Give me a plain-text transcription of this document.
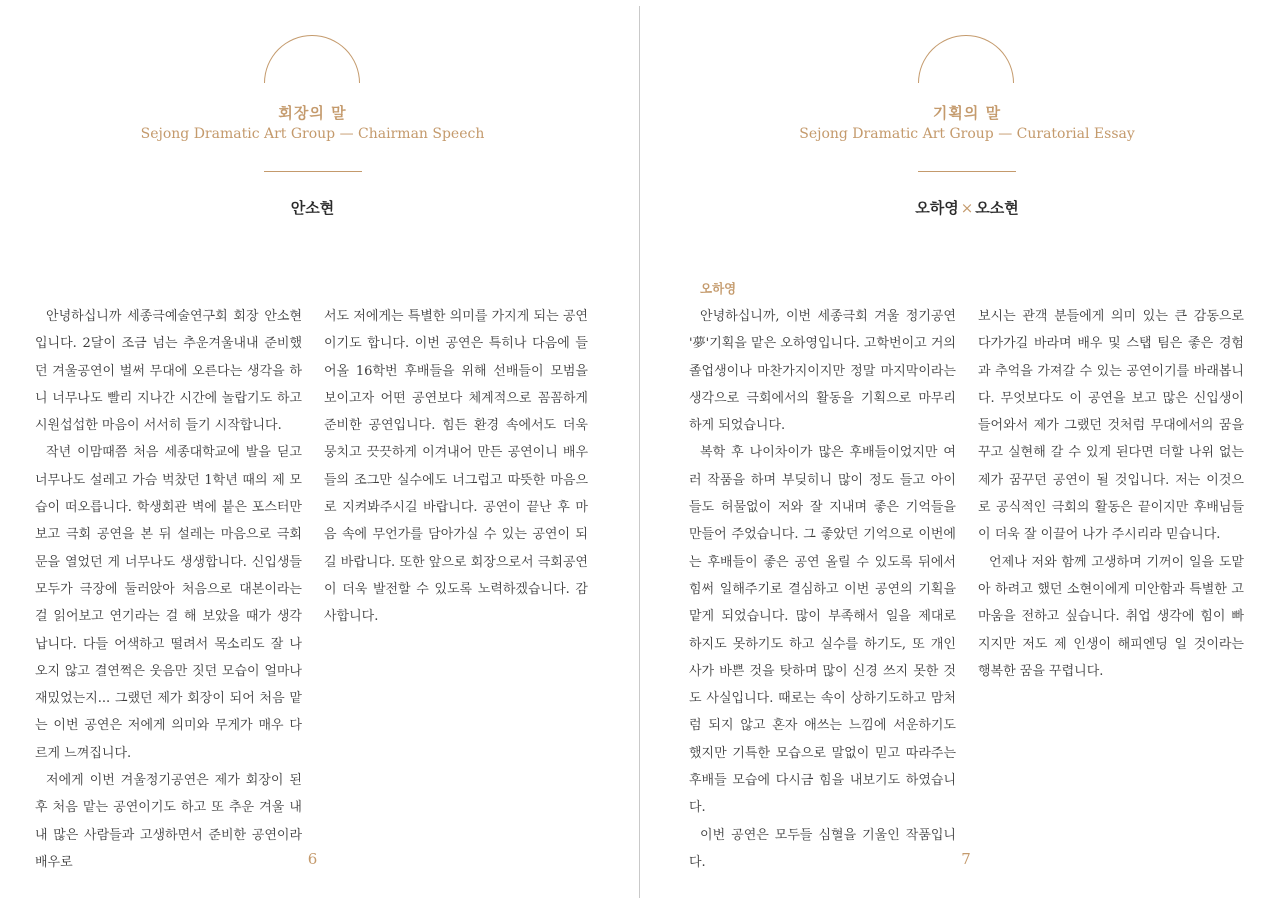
회장의 말
Sejong Dramatic Art Group — Chairman Speech
안소현

안녕하십니까 세종극예술연구회 회장 안소현입니다. 2달이 조금 넘는 추운겨울내내 준비했던 겨울공연이 벌써 무대에 오른다는 생각을 하니 너무나도 빨리 지나간 시간에 놀랍기도 하고 시원섭섭한 마음이 서서히 들기 시작합니다.

작년 이맘때쯤 처음 세종대학교에 발을 딛고 너무나도 설레고 가슴 벅찼던 1학년 때의 제 모습이 떠오릅니다. 학생회관 벽에 붙은 포스터만 보고 극회 공연을 본 뒤 설레는 마음으로 극회문을 열었던 게 너무나도 생생합니다. 신입생들 모두가 극장에 둘러앉아 처음으로 대본이라는 걸 읽어보고 연기라는 걸 해 보았을 때가 생각납니다. 다들 어색하고 떨려서 목소리도 잘 나오지 않고 결연쩍은 웃음만 짓던 모습이 얼마나 재밌었는지... 그랬던 제가 회장이 되어 처음 맡는 이번 공연은 저에게 의미와 무게가 매우 다르게 느껴집니다.

저에게 이번 겨울정기공연은 제가 회장이 된 후 처음 맡는 공연이기도 하고 또 추운 겨울 내내 많은 사람들과 고생하면서 준비한 공연이라 배우로

서도 저에게는 특별한 의미를 가지게 되는 공연이기도 합니다. 이번 공연은 특히나 다음에 들어올 16학번 후배들을 위해 선배들이 모범을 보이고자 어떤 공연보다 체계적으로 꼼꼼하게 준비한 공연입니다. 힘든 환경 속에서도 더욱 뭉치고 끗끗하게 이겨내어 만든 공연이니 배우들의 조그만 실수에도 너그럽고 따뜻한 마음으로 지켜봐주시길 바랍니다. 공연이 끝난 후 마음 속에 무언가를 담아가실 수 있는 공연이 되길 바랍니다. 또한 앞으로 회장으로서 극회공연이 더욱 발전할 수 있도록 노력하겠습니다. 감사합니다.

6
기획의 말
Sejong Dramatic Art Group — Curatorial Essay
오하영 × 오소현
오하영

안녕하십니까, 이번 세종극회 겨울 정기공연 '夢'기획을 맡은 오하영입니다. 고학번이고 거의 졸업생이나 마찬가지이지만 정말 마지막이라는 생각으로 극회에서의 활동을 기획으로 마무리 하게 되었습니다.

복학 후 나이차이가 많은 후배들이었지만 여러 작품을 하며 부딪히니 많이 정도 들고 아이들도 허물없이 저와 잘 지내며 좋은 기억들을 만들어 주었습니다. 그 좋았던 기억으로 이번에는 후배들이 좋은 공연 올릴 수 있도록 뒤에서 힘써 일해주기로 결심하고 이번 공연의 기획을 맡게 되었습니다. 많이 부족해서 일을 제대로 하지도 못하기도 하고 실수를 하기도, 또 개인사가 바쁜 것을 탓하며 많이 신경 쓰지 못한 것도 사실입니다. 때로는 속이 상하기도하고 맘처럼 되지 않고 혼자 애쓰는 느낌에 서운하기도 했지만 기특한 모습으로 말없이 믿고 따라주는 후배들 모습에 다시금 힘을 내보기도 하였습니다.

이번 공연은 모두들 심혈을 기울인 작품입니다.

보시는 관객 분들에게 의미 있는 큰 감동으로 다가가길 바라며 배우 및 스탭 팀은 좋은 경험과 추억을 가져갈 수 있는 공연이기를 바래봅니다. 무엇보다도 이 공연을 보고 많은 신입생이 들어와서 제가 그랬던 것처럼 무대에서의 꿈을 꾸고 실현해 갈 수 있게 된다면 더할 나위 없는 제가 꿈꾸던 공연이 될 것입니다. 저는 이것으로 공식적인 극회의 활동은 끝이지만 후배님들이 더욱 잘 이끌어 나가 주시리라 믿습니다.

언제나 저와 함께 고생하며 기꺼이 일을 도맡아 하려고 했던 소현이에게 미안함과 특별한 고마움을 전하고 싶습니다. 취업 생각에 힘이 빠지지만 저도 제 인생이 해피엔딩 일 것이라는 행복한 꿈을 꾸렵니다.

7
